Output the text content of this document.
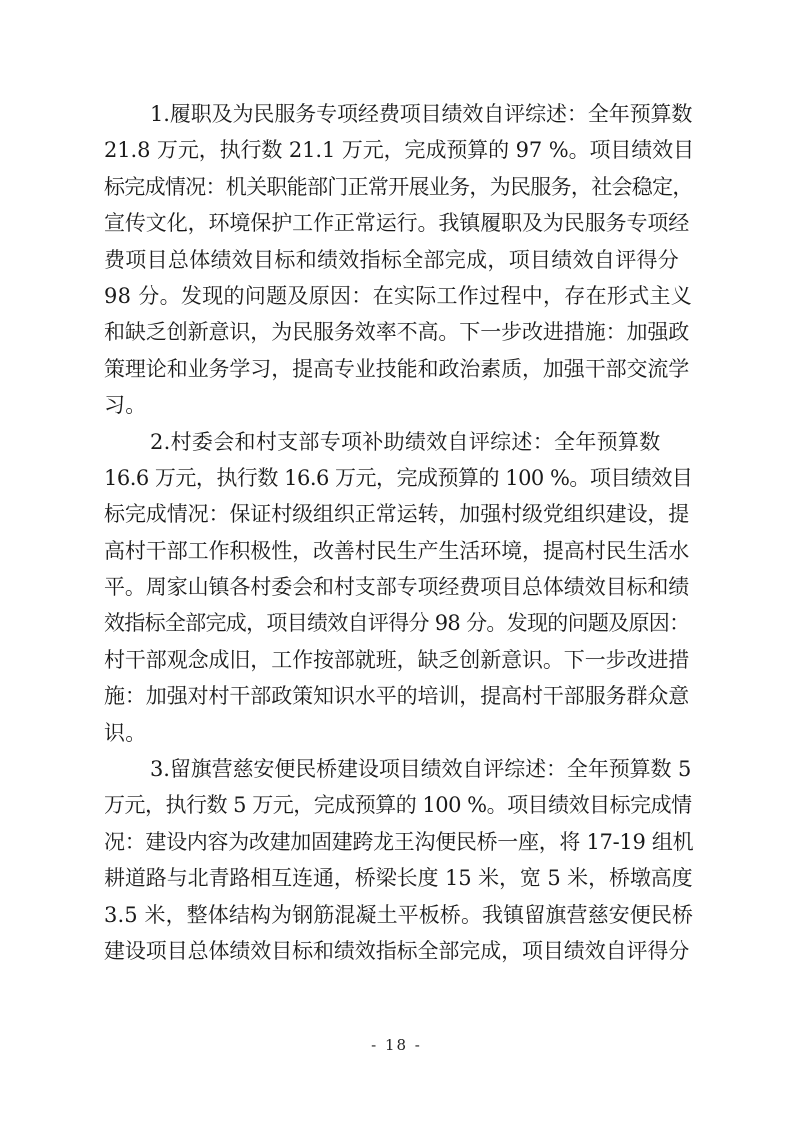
1.履职及为民服务专项经费项目绩效自评综述：全年预算数
21.8 万元，执行数 21.1 万元，完成预算的 97 %。项目绩效目
标完成情况：机关职能部门正常开展业务，为民服务，社会稳定，
宣传文化，环境保护工作正常运行。我镇履职及为民服务专项经
费项目总体绩效目标和绩效指标全部完成，项目绩效自评得分
98 分。发现的问题及原因：在实际工作过程中，存在形式主义
和缺乏创新意识，为民服务效率不高。下一步改进措施：加强政
策理论和业务学习，提高专业技能和政治素质，加强干部交流学
习。
2.村委会和村支部专项补助绩效自评综述：全年预算数
16.6 万元，执行数 16.6 万元，完成预算的 100 %。项目绩效目
标完成情况：保证村级组织正常运转，加强村级党组织建设，提
高村干部工作积极性，改善村民生产生活环境，提高村民生活水
平。周家山镇各村委会和村支部专项经费项目总体绩效目标和绩
效指标全部完成，项目绩效自评得分 98 分。发现的问题及原因：
村干部观念成旧，工作按部就班，缺乏创新意识。下一步改进措
施：加强对村干部政策知识水平的培训，提高村干部服务群众意
识。
3.留旗营慈安便民桥建设项目绩效自评综述：全年预算数 5
万元，执行数 5 万元，完成预算的 100 %。项目绩效目标完成情
况：建设内容为改建加固建跨龙王沟便民桥一座，将 17-19 组机
耕道路与北青路相互连通，桥梁长度 15 米，宽 5 米，桥墩高度
3.5 米，整体结构为钢筋混凝土平板桥。我镇留旗营慈安便民桥
建设项目总体绩效目标和绩效指标全部完成，项目绩效自评得分
- 18 -
